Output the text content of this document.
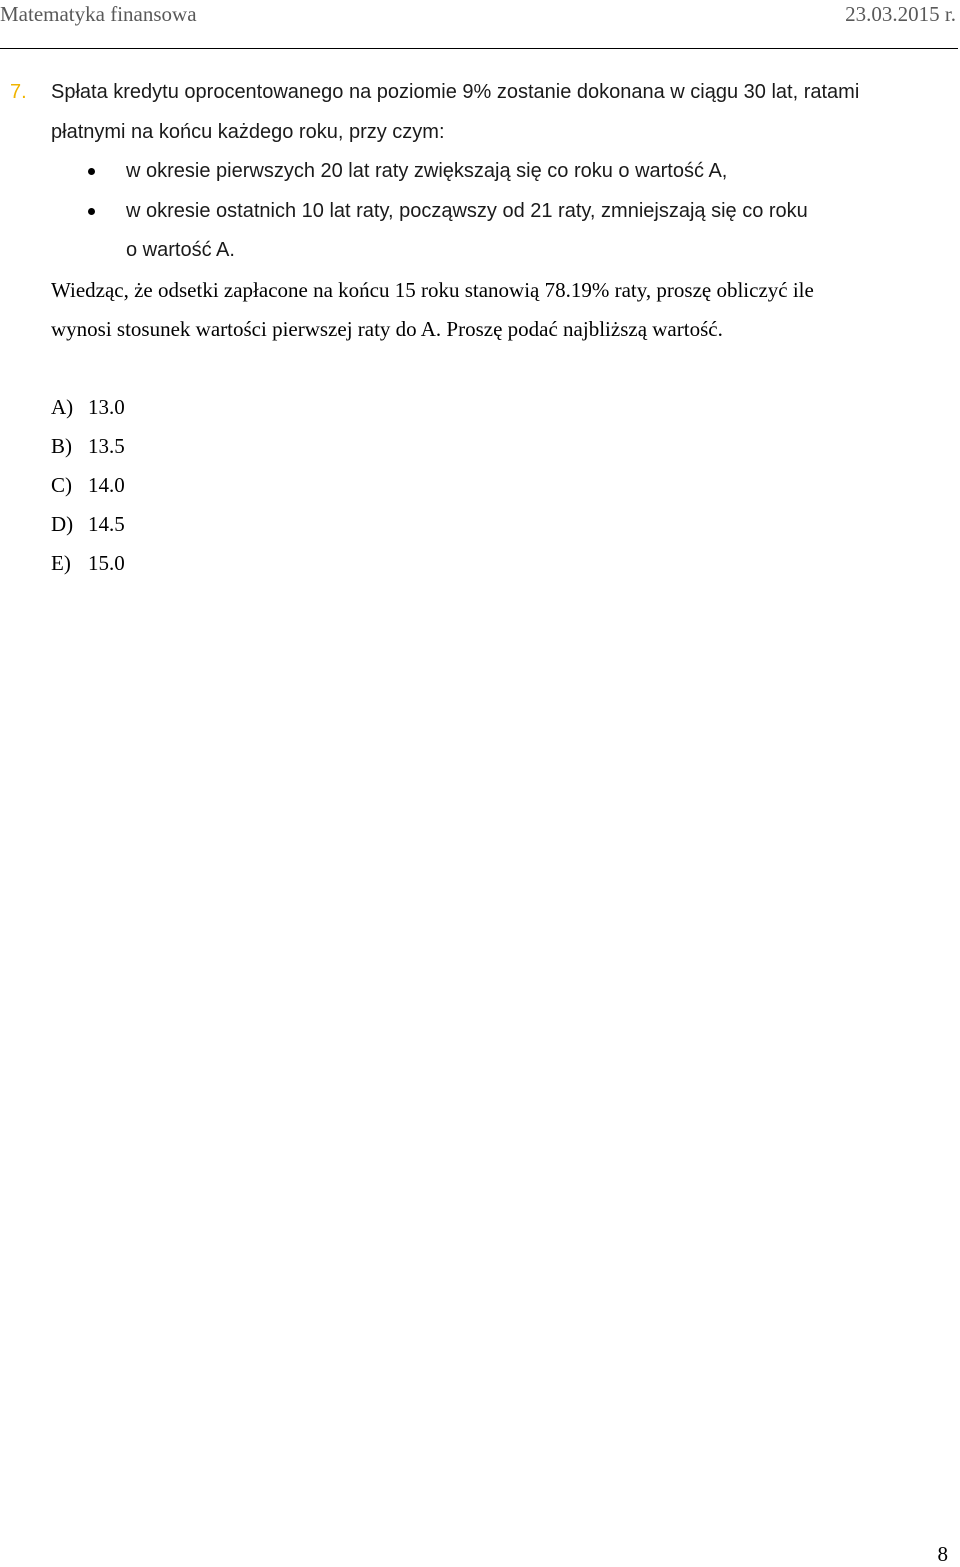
Matematyka finansowa	23.03.2015 r.
7. Spłata kredytu oprocentowanego na poziomie 9% zostanie dokonana w ciągu 30 lat, ratami
płatnymi na końcu każdego roku, przy czym:
w okresie pierwszych 20 lat raty zwiększają się co roku o wartość A,
w okresie ostatnich 10 lat raty, począwszy od 21 raty, zmniejszają się co roku
o wartość A.
Wiedząc, że odsetki zapłacone na końcu 15 roku stanowią 78.19% raty, proszę obliczyć ile
wynosi stosunek wartości pierwszej raty do A. Proszę podać najbliższą wartość.
A) 13.0
B) 13.5
C) 14.0
D) 14.5
E) 15.0
8
